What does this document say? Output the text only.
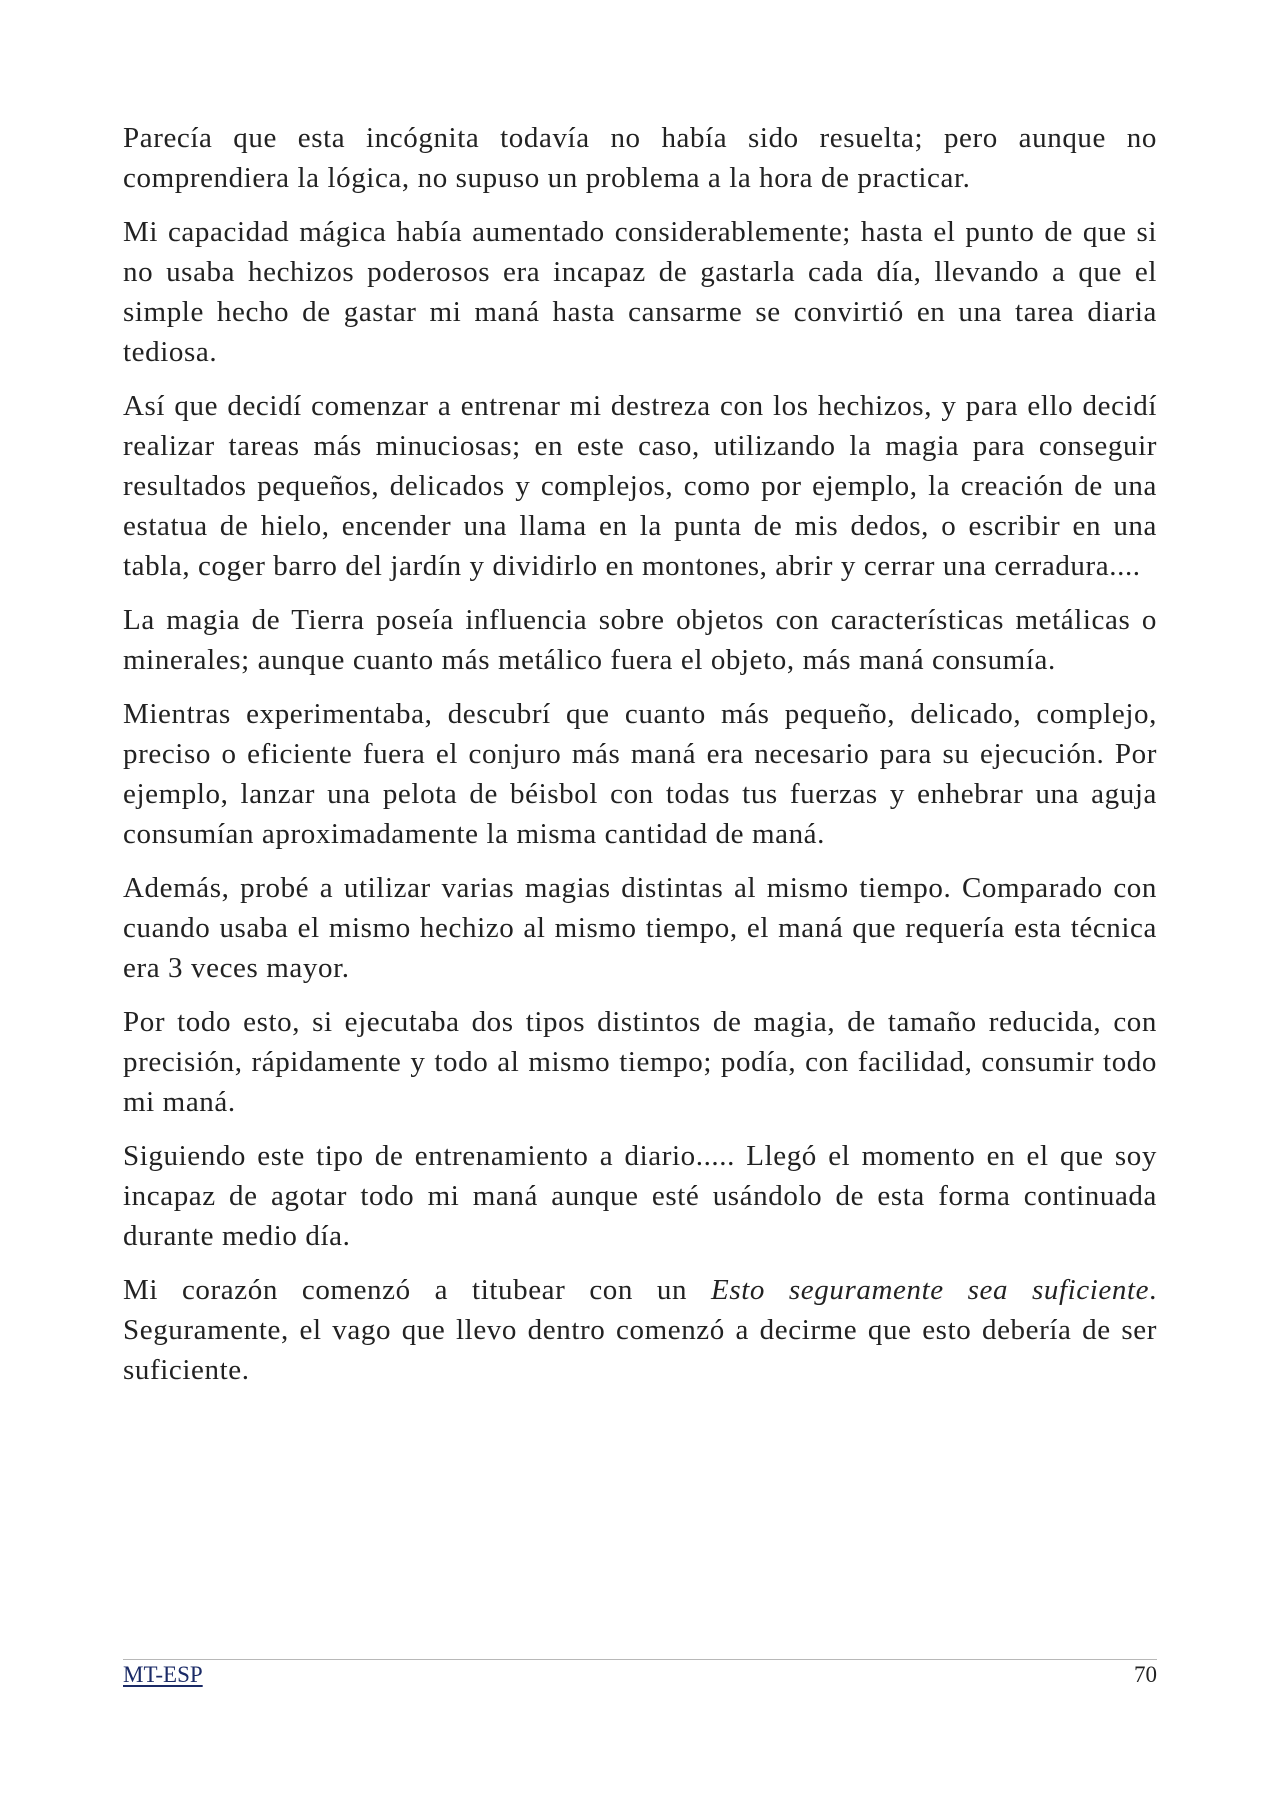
Parecía que esta incógnita todavía no había sido resuelta; pero aunque no comprendiera la lógica, no supuso un problema a la hora de practicar.

Mi capacidad mágica había aumentado considerablemente; hasta el punto de que si no usaba hechizos poderosos era incapaz de gastarla cada día, llevando a que el simple hecho de gastar mi maná hasta cansarme se convirtió en una tarea diaria tediosa.

Así que decidí comenzar a entrenar mi destreza con los hechizos, y para ello decidí realizar tareas más minuciosas; en este caso, utilizando la magia para conseguir resultados pequeños, delicados y complejos, como por ejemplo, la creación de una estatua de hielo, encender una llama en la punta de mis dedos, o escribir en una tabla, coger barro del jardín y dividirlo en montones, abrir y cerrar una cerradura....

La magia de Tierra poseía influencia sobre objetos con características metálicas o minerales; aunque cuanto más metálico fuera el objeto, más maná consumía.

Mientras experimentaba, descubrí que cuanto más pequeño, delicado, complejo, preciso o eficiente fuera el conjuro más maná era necesario para su ejecución. Por ejemplo, lanzar una pelota de béisbol con todas tus fuerzas y enhebrar una aguja consumían aproximadamente la misma cantidad de maná.

Además, probé a utilizar varias magias distintas al mismo tiempo. Comparado con cuando usaba el mismo hechizo al mismo tiempo, el maná que requería esta técnica era 3 veces mayor.

Por todo esto, si ejecutaba dos tipos distintos de magia, de tamaño reducida, con precisión, rápidamente y todo al mismo tiempo; podía, con facilidad, consumir todo mi maná.

Siguiendo este tipo de entrenamiento a diario..... Llegó el momento en el que soy incapaz de agotar todo mi maná aunque esté usándolo de esta forma continuada durante medio día.

Mi corazón comenzó a titubear con un Esto seguramente sea suficiente. Seguramente, el vago que llevo dentro comenzó a decirme que esto debería de ser suficiente.

MT-ESP	70
